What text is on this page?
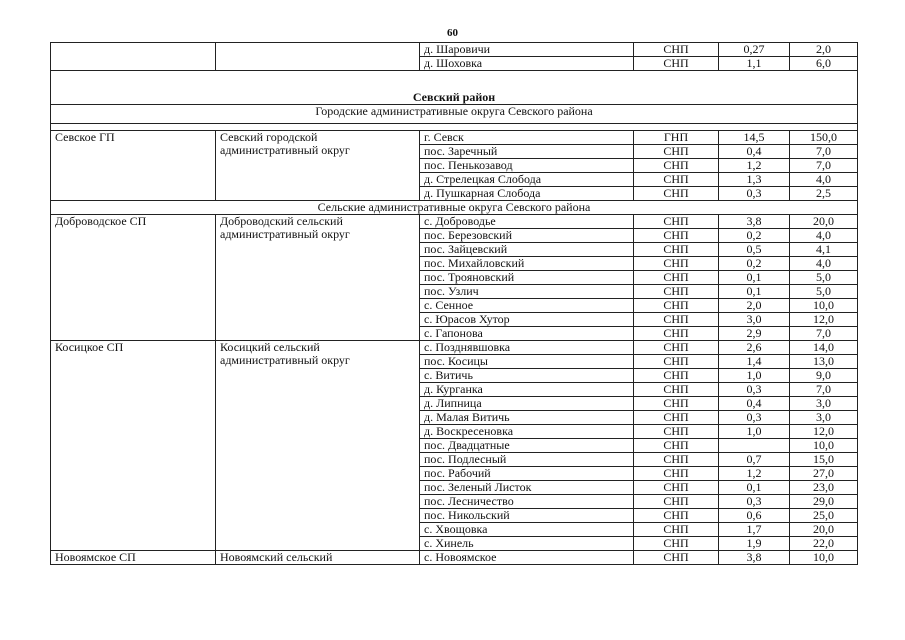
60
		д. Шаровичи	СНП	0,27	2,0
		д. Шоховка	СНП	1,1	6,0

Севский район					
Городские административные округа Севского района					

Севское ГП	Севский городской административный округ	г. Севск	ГНП	14,5	150,0
		пос. Заречный	СНП	0,4	7,0
		пос. Пенькозавод	СНП	1,2	7,0
		д. Стрелецкая Слобода	СНП	1,3	4,0
		д. Пушкарная Слобода	СНП	0,3	2,5
Сельские административные округа Севского района					
Доброводское СП	Доброводский сельский административный округ	с. Доброводье	СНП	3,8	20,0
		пос. Березовский	СНП	0,2	4,0
		пос. Зайцевский	СНП	0,5	4,1
		пос. Михайловский	СНП	0,2	4,0
		пос. Трояновский	СНП	0,1	5,0
		пос. Узлич	СНП	0,1	5,0
		с. Сенное	СНП	2,0	10,0
		с. Юрасов Хутор	СНП	3,0	12,0
		с. Гапонова	СНП	2,9	7,0
Косицкое СП	Косицкий сельский административный округ	с. Позднявшовка	СНП	2,6	14,0
		пос. Косицы	СНП	1,4	13,0
		с. Витичь	СНП	1,0	9,0
		д. Курганка	СНП	0,3	7,0
		д. Липница	СНП	0,4	3,0
		д. Малая Витичь	СНП	0,3	3,0
		д. Воскресеновка	СНП	1,0	12,0
		пос. Двадцатные	СНП		10,0
		пос. Подлесный	СНП	0,7	15,0
		пос. Рабочий	СНП	1,2	27,0
		пос. Зеленый Листок	СНП	0,1	23,0
		пос. Лесничество	СНП	0,3	29,0
		пос. Никольский	СНП	0,6	25,0
		с. Хвощовка	СНП	1,7	20,0
		с. Хинель	СНП	1,9	22,0
Новоямское СП	Новоямский сельский	с. Новоямское	СНП	3,8	10,0
